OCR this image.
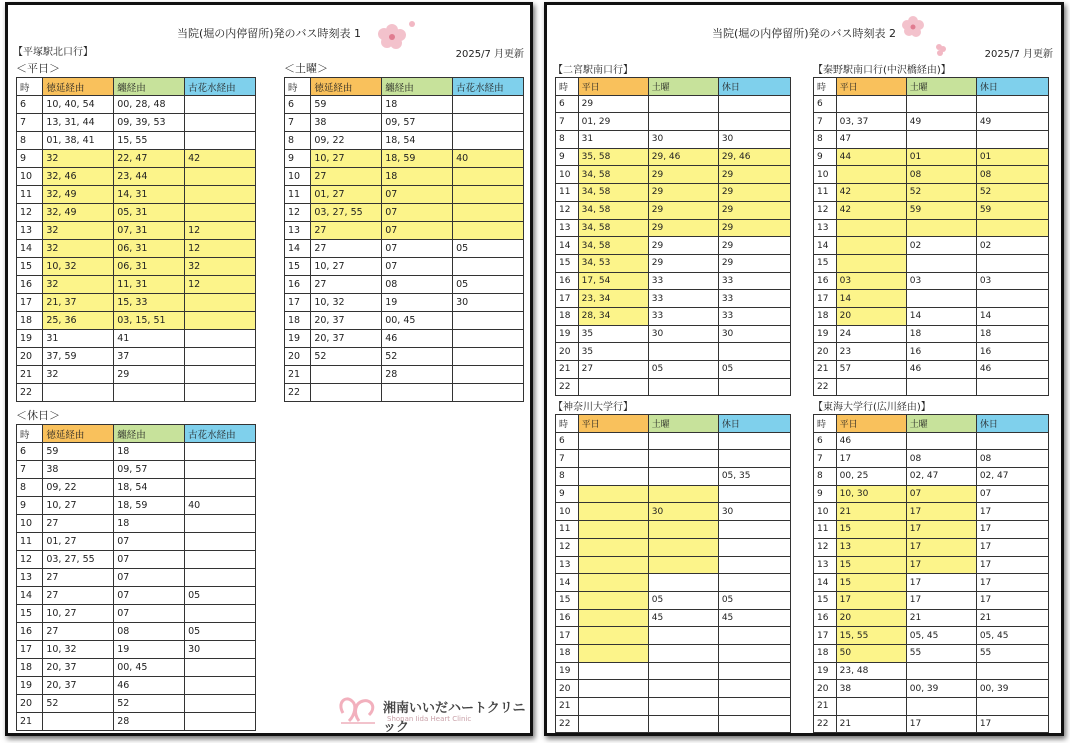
当院(堀の内停留所)発のバス時刻表 1
【平塚駅北口行】	2025/7 月更新
＜平日＞	＜土曜＞
時	徳延経由	纏経由	古花水経由
6	10, 40, 54	00, 28, 48	
7	13, 31, 44	09, 39, 53	
8	01, 38, 41	15, 55	
9	32	22, 47	42
10	32, 46	23, 44	
11	32, 49	14, 31	
12	32, 49	05, 31	
13	32	07, 31	12
14	32	06, 31	12
15	10, 32	06, 31	32
16	32	11, 31	12
17	21, 37	15, 33	
18	25, 36	03, 15, 51	
19	31	41	
20	37, 59	37	
21	32	29	
22			
時	徳延経由	纏経由	古花水経由
6	59	18	
7	38	09, 57	
8	09, 22	18, 54	
9	10, 27	18, 59	40
10	27	18	
11	01, 27	07	
12	03, 27, 55	07	
13	27	07	
14	27	07	05
15	10, 27	07	
16	27	08	05
17	10, 32	19	30
18	20, 37	00, 45	
19	20, 37	46	
20	52	52	
21		28	
22			
＜休日＞
時	徳延経由	纏経由	古花水経由
6	59	18	
7	38	09, 57	
8	09, 22	18, 54	
9	10, 27	18, 59	40
10	27	18	
11	01, 27	07	
12	03, 27, 55	07	
13	27	07	
14	27	07	05
15	10, 27	07	
16	27	08	05
17	10, 32	19	30
18	20, 37	00, 45	
19	20, 37	46	
20	52	52	
21		28	
湘南いいだハートクリニック
Shonan Iida Heart Clinic
当院(堀の内停留所)発のバス時刻表 2
2025/7 月更新
【二宮駅南口行】	【秦野駅南口行(中沢橋経由)】
時	平日	土曜	休日
6	29		
7	01, 29		
8	31	30	30
9	35, 58	29, 46	29, 46
10	34, 58	29	29
11	34, 58	29	29
12	34, 58	29	29
13	34, 58	29	29
14	34, 58	29	29
15	34, 53	29	29
16	17, 54	33	33
17	23, 34	33	33
18	28, 34	33	33
19	35	30	30
20	35		
21	27	05	05
22			
時	平日	土曜	休日
6			
7	03, 37	49	49
8	47		
9	44	01	01
10		08	08
11	42	52	52
12	42	59	59
13			
14		02	02
15			
16	03	03	03
17	14		
18	20	14	14
19	24	18	18
20	23	16	16
21	57	46	46
22			
【神奈川大学行】	【東海大学行(広川経由)】
時	平日	土曜	休日
6			
7			
8			05, 35
9			
10		30	30
11			
12			
13			
14			
15		05	05
16		45	45
17			
18			
19			
20			
21			
22			
時	平日	土曜	休日
6	46		
7	17	08	08
8	00, 25	02, 47	02, 47
9	10, 30	07	07
10	21	17	17
11	15	17	17
12	13	17	17
13	15	17	17
14	15	17	17
15	17	17	17
16	20	21	21
17	15, 55	05, 45	05, 45
18	50	55	55
19	23, 48		
20	38	00, 39	00, 39
21			
22	21	17	17
